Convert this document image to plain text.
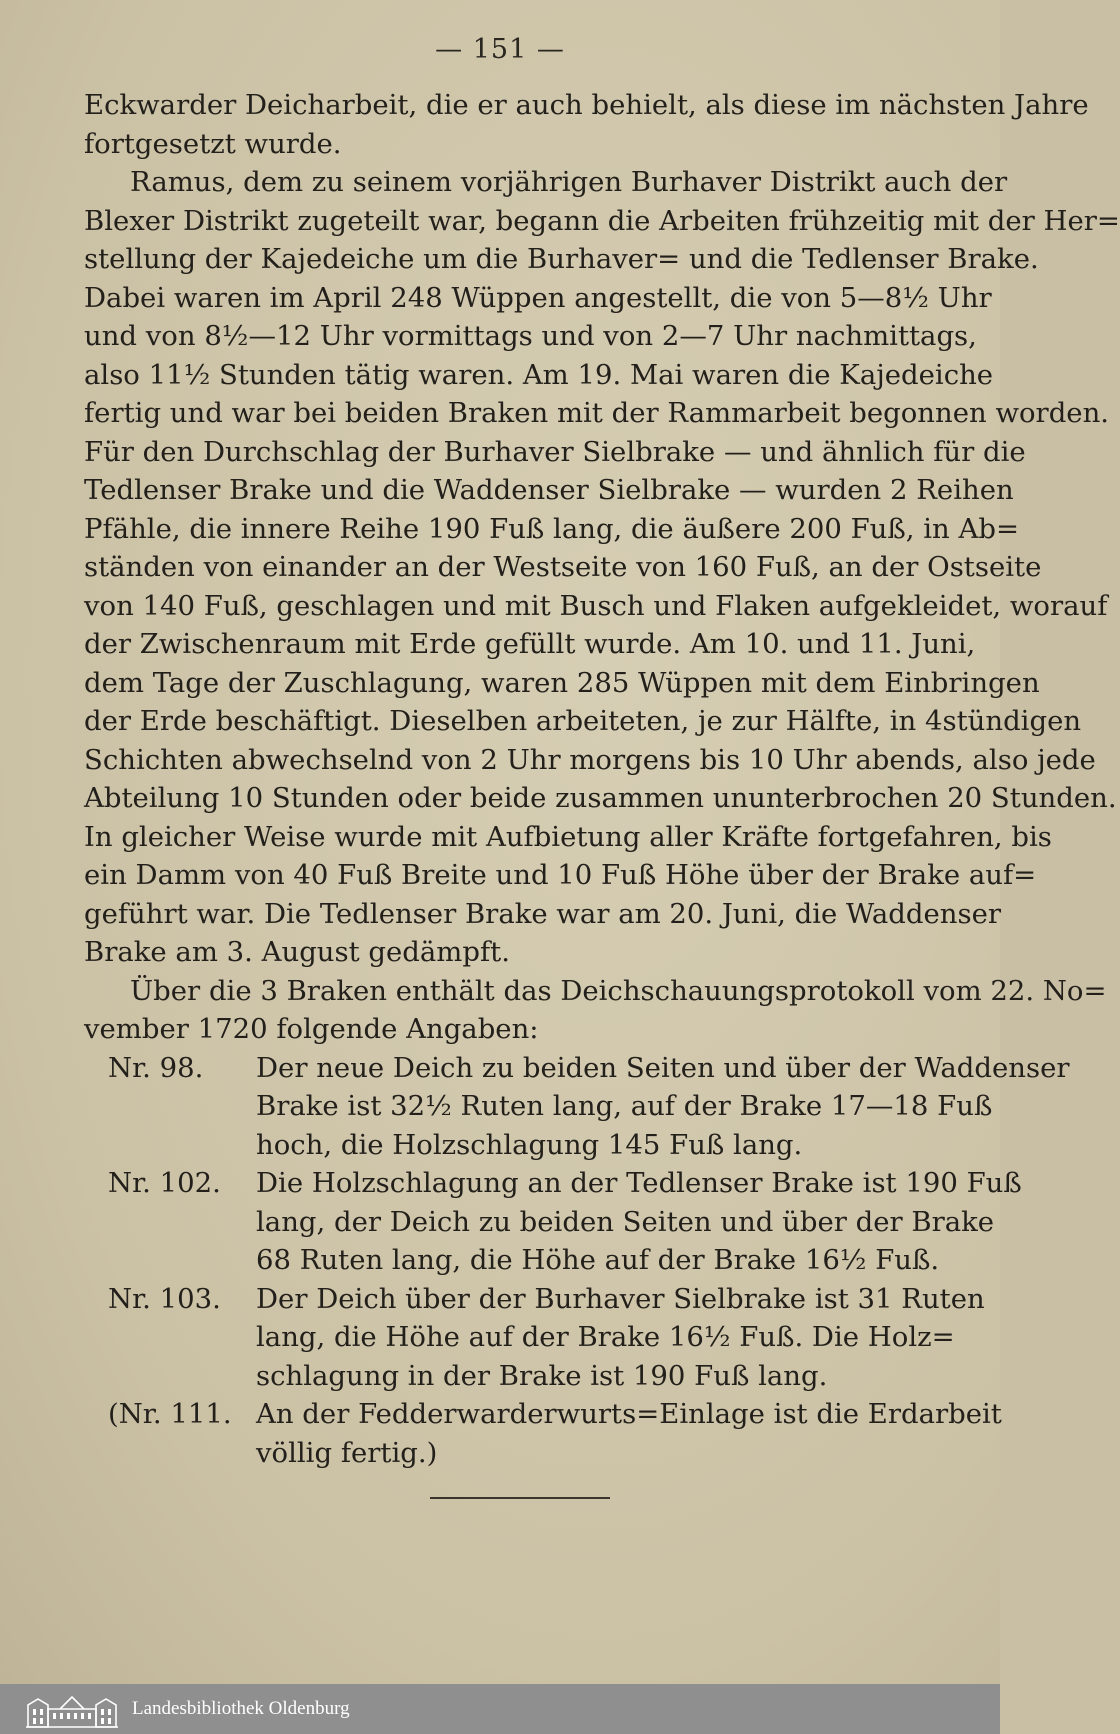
— 151 —
Eckwarder Deicharbeit, die er auch behielt, als diese im nächsten Jahre
fortgesetzt wurde.
Ramus, dem zu seinem vorjährigen Burhaver Distrikt auch der
Blexer Distrikt zugeteilt war, begann die Arbeiten frühzeitig mit der Her=
stellung der Kajedeiche um die Burhaver= und die Tedlenser Brake.
Dabei waren im April 248 Wüppen angestellt, die von 5—8½ Uhr
und von 8½—12 Uhr vormittags und von 2—7 Uhr nachmittags,
also 11½ Stunden tätig waren. Am 19. Mai waren die Kajedeiche
fertig und war bei beiden Braken mit der Rammarbeit begonnen worden.
Für den Durchschlag der Burhaver Sielbrake — und ähnlich für die
Tedlenser Brake und die Waddenser Sielbrake — wurden 2 Reihen
Pfähle, die innere Reihe 190 Fuß lang, die äußere 200 Fuß, in Ab=
ständen von einander an der Westseite von 160 Fuß, an der Ostseite
von 140 Fuß, geschlagen und mit Busch und Flaken aufgekleidet, worauf
der Zwischenraum mit Erde gefüllt wurde. Am 10. und 11. Juni,
dem Tage der Zuschlagung, waren 285 Wüppen mit dem Einbringen
der Erde beschäftigt. Dieselben arbeiteten, je zur Hälfte, in 4stündigen
Schichten abwechselnd von 2 Uhr morgens bis 10 Uhr abends, also jede
Abteilung 10 Stunden oder beide zusammen ununterbrochen 20 Stunden.
In gleicher Weise wurde mit Aufbietung aller Kräfte fortgefahren, bis
ein Damm von 40 Fuß Breite und 10 Fuß Höhe über der Brake auf=
geführt war. Die Tedlenser Brake war am 20. Juni, die Waddenser
Brake am 3. August gedämpft.
Über die 3 Braken enthält das Deichschauungsprotokoll vom 22. No=
vember 1720 folgende Angaben:
Nr. 98.	Der neue Deich zu beiden Seiten und über der Waddenser
Brake ist 32½ Ruten lang, auf der Brake 17—18 Fuß
hoch, die Holzschlagung 145 Fuß lang.
Nr. 102.	Die Holzschlagung an der Tedlenser Brake ist 190 Fuß
lang, der Deich zu beiden Seiten und über der Brake
68 Ruten lang, die Höhe auf der Brake 16½ Fuß.
Nr. 103.	Der Deich über der Burhaver Sielbrake ist 31 Ruten
lang, die Höhe auf der Brake 16½ Fuß. Die Holz=
schlagung in der Brake ist 190 Fuß lang.
(Nr. 111. An der Fedderwarderwurts=Einlage ist die Erdarbeit
völlig fertig.)
Landesbibliothek Oldenburg
